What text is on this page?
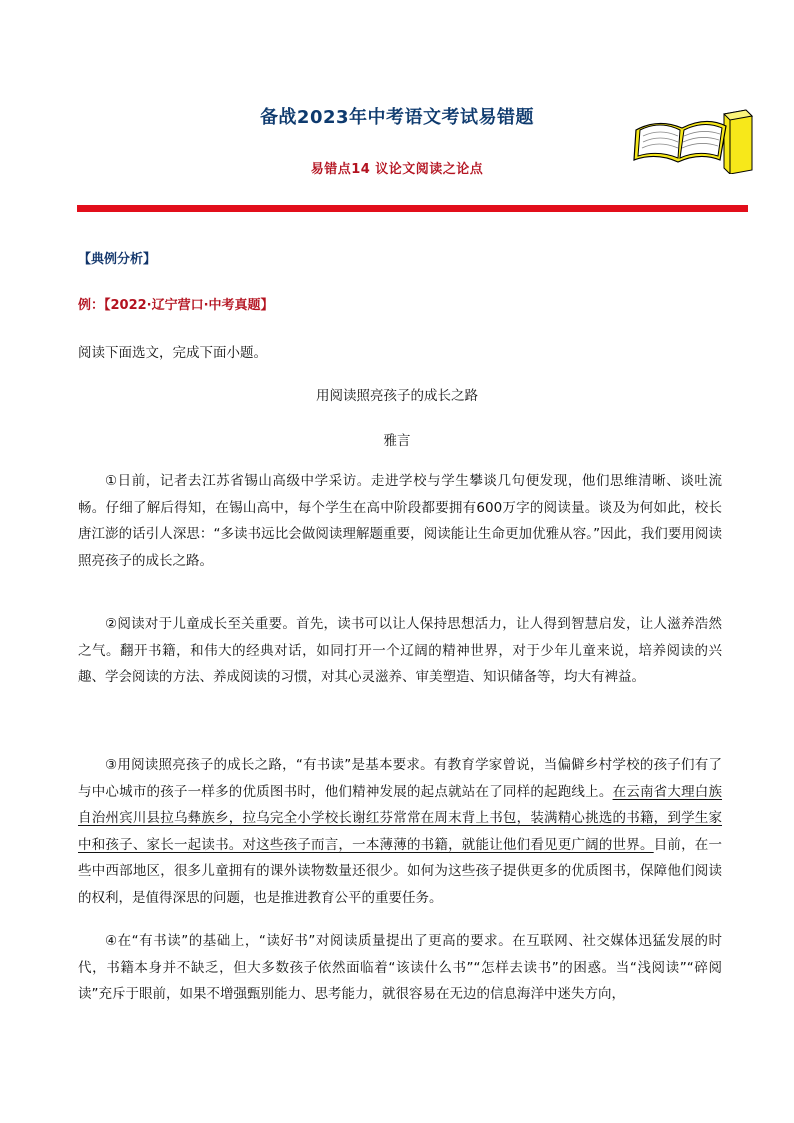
备战2023年中考语文考试易错题
易错点14 议论文阅读之论点
【典例分析】
例：【2022·辽宁营口·中考真题】
阅读下面选文，完成下面小题。
用阅读照亮孩子的成长之路
雅言

①日前，记者去江苏省锡山高级中学采访。走进学校与学生攀谈几句便发现，他们思维清晰、谈吐流畅。仔细了解后得知，在锡山高中，每个学生在高中阶段都要拥有600万字的阅读量。谈及为何如此，校长唐江澎的话引人深思：“多读书远比会做阅读理解题重要，阅读能让生命更加优雅从容。”因此，我们要用阅读照亮孩子的成长之路。

②阅读对于儿童成长至关重要。首先，读书可以让人保持思想活力，让人得到智慧启发，让人滋养浩然之气。翻开书籍，和伟大的经典对话，如同打开一个辽阔的精神世界，对于少年儿童来说，培养阅读的兴趣、学会阅读的方法、养成阅读的习惯，对其心灵滋养、审美塑造、知识储备等，均大有裨益。

③用阅读照亮孩子的成长之路，“有书读”是基本要求。有教育学家曾说，当偏僻乡村学校的孩子们有了与中心城市的孩子一样多的优质图书时，他们精神发展的起点就站在了同样的起跑线上。在云南省大理白族自治州宾川县拉乌彝族乡，拉乌完全小学校长谢红芬常常在周末背上书包，装满精心挑选的书籍，到学生家中和孩子、家长一起读书。对这些孩子而言，一本薄薄的书籍，就能让他们看见更广阔的世界。目前，在一些中西部地区，很多儿童拥有的课外读物数量还很少。如何为这些孩子提供更多的优质图书，保障他们阅读的权利，是值得深思的问题，也是推进教育公平的重要任务。

④在“有书读”的基础上，“读好书”对阅读质量提出了更高的要求。在互联网、社交媒体迅猛发展的时代，书籍本身并不缺乏，但大多数孩子依然面临着“该读什么书”“怎样去读书”的困惑。当“浅阅读”“碎阅读”充斥于眼前，如果不增强甄别能力、思考能力，就很容易在无边的信息海洋中迷失方向，
